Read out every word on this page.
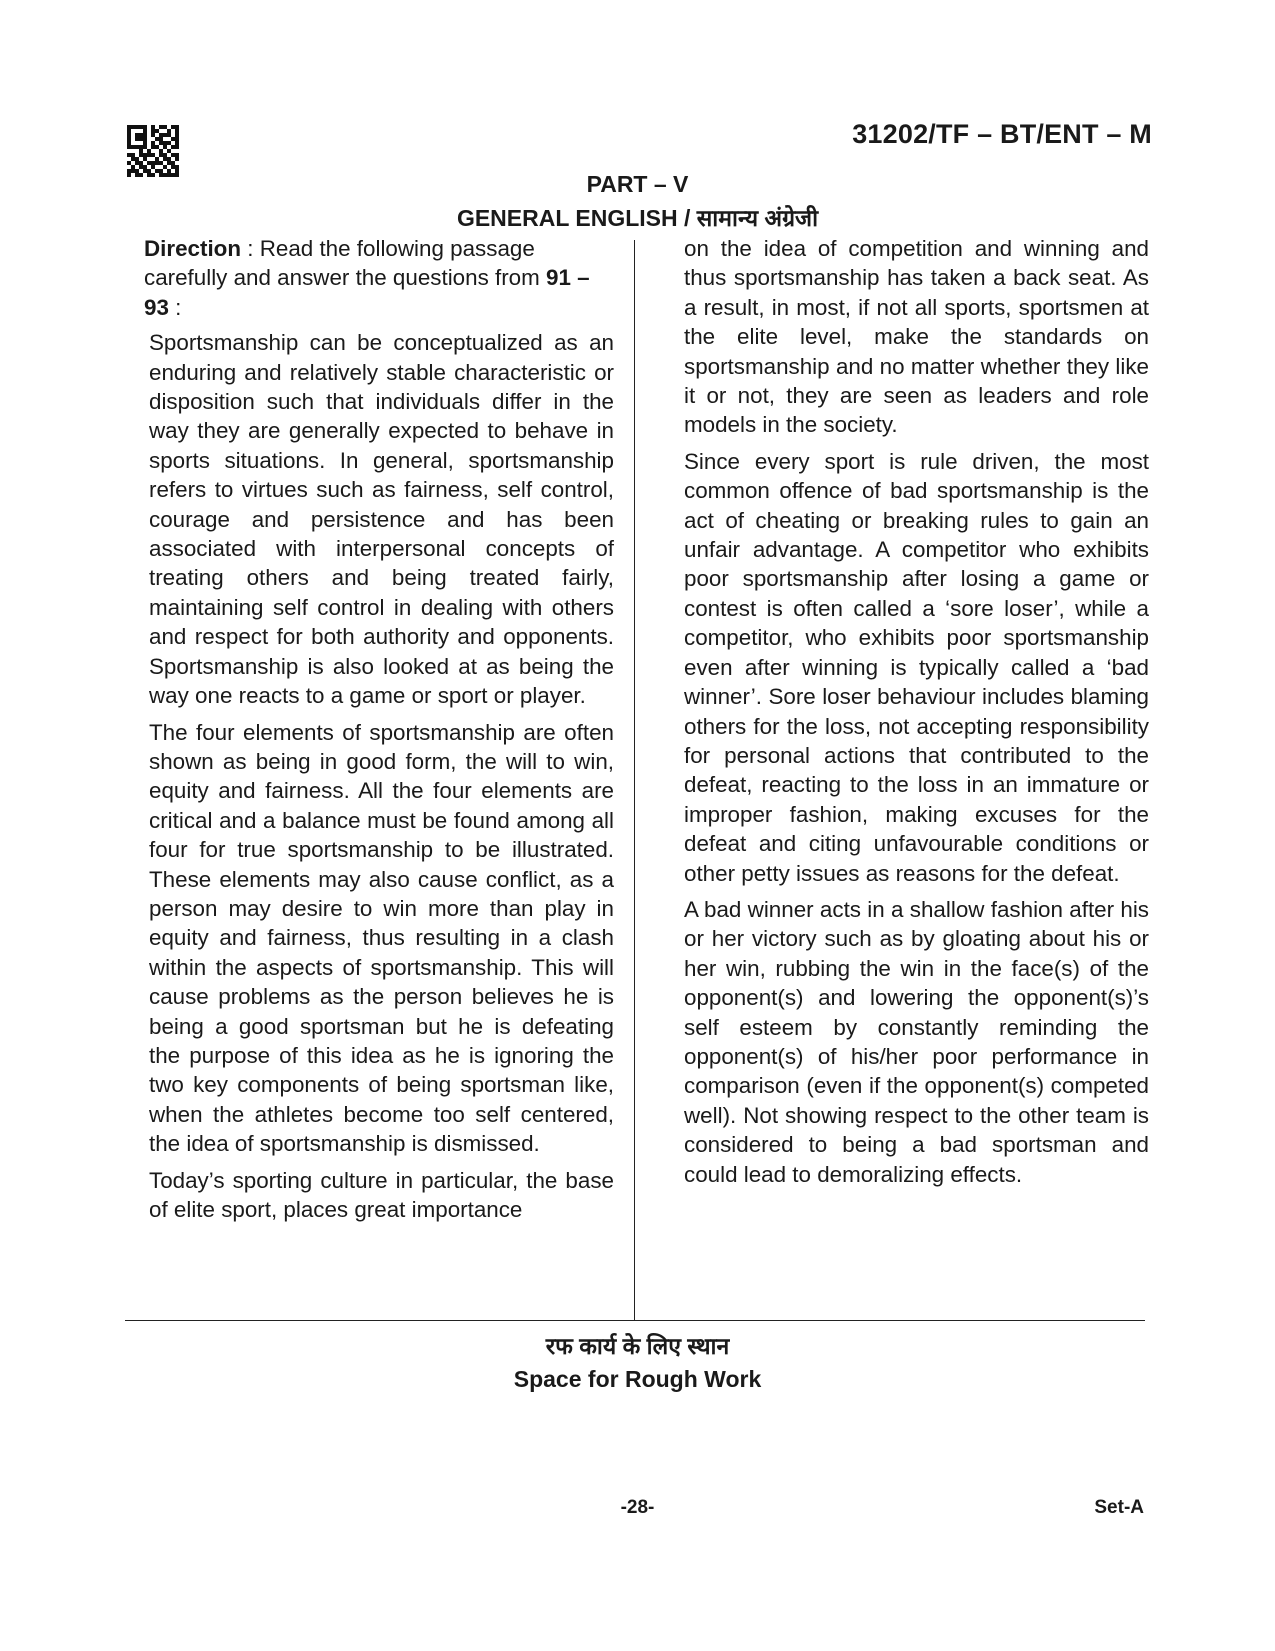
31202/TF – BT/ENT – M
PART – V
GENERAL ENGLISH / सामान्य अंग्रेजी

Direction : Read the following passage carefully and answer the questions from 91 – 93 :

Sportsmanship can be conceptualized as an enduring and relatively stable characteristic or disposition such that individuals differ in the way they are generally expected to behave in sports situations. In general, sportsmanship refers to virtues such as fairness, self control, courage and persistence and has been associated with interpersonal concepts of treating others and being treated fairly, maintaining self control in dealing with others and respect for both authority and opponents. Sportsmanship is also looked at as being the way one reacts to a game or sport or player.

The four elements of sportsmanship are often shown as being in good form, the will to win, equity and fairness. All the four elements are critical and a balance must be found among all four for true sportsmanship to be illustrated. These elements may also cause conflict, as a person may desire to win more than play in equity and fairness, thus resulting in a clash within the aspects of sportsmanship. This will cause problems as the person believes he is being a good sportsman but he is defeating the purpose of this idea as he is ignoring the two key components of being sportsman like, when the athletes become too self centered, the idea of sportsmanship is dismissed.

Today’s sporting culture in particular, the base of elite sport, places great importance

on the idea of competition and winning and thus sportsmanship has taken a back seat. As a result, in most, if not all sports, sportsmen at the elite level, make the standards on sportsmanship and no matter whether they like it or not, they are seen as leaders and role models in the society.

Since every sport is rule driven, the most common offence of bad sportsmanship is the act of cheating or breaking rules to gain an unfair advantage. A competitor who exhibits poor sportsmanship after losing a game or contest is often called a ‘sore loser’, while a competitor, who exhibits poor sportsmanship even after winning is typically called a ‘bad winner’. Sore loser behaviour includes blaming others for the loss, not accepting responsibility for personal actions that contributed to the defeat, reacting to the loss in an immature or improper fashion, making excuses for the defeat and citing unfavourable conditions or other petty issues as reasons for the defeat.

A bad winner acts in a shallow fashion after his or her victory such as by gloating about his or her win, rubbing the win in the face(s) of the opponent(s) and lowering the opponent(s)’s self esteem by constantly reminding the opponent(s) of his/her poor performance in comparison (even if the opponent(s) competed well). Not showing respect to the other team is considered to being a bad sportsman and could lead to demoralizing effects.

रफ कार्य के लिए स्थान
Space for Rough Work
-28-	Set-A
